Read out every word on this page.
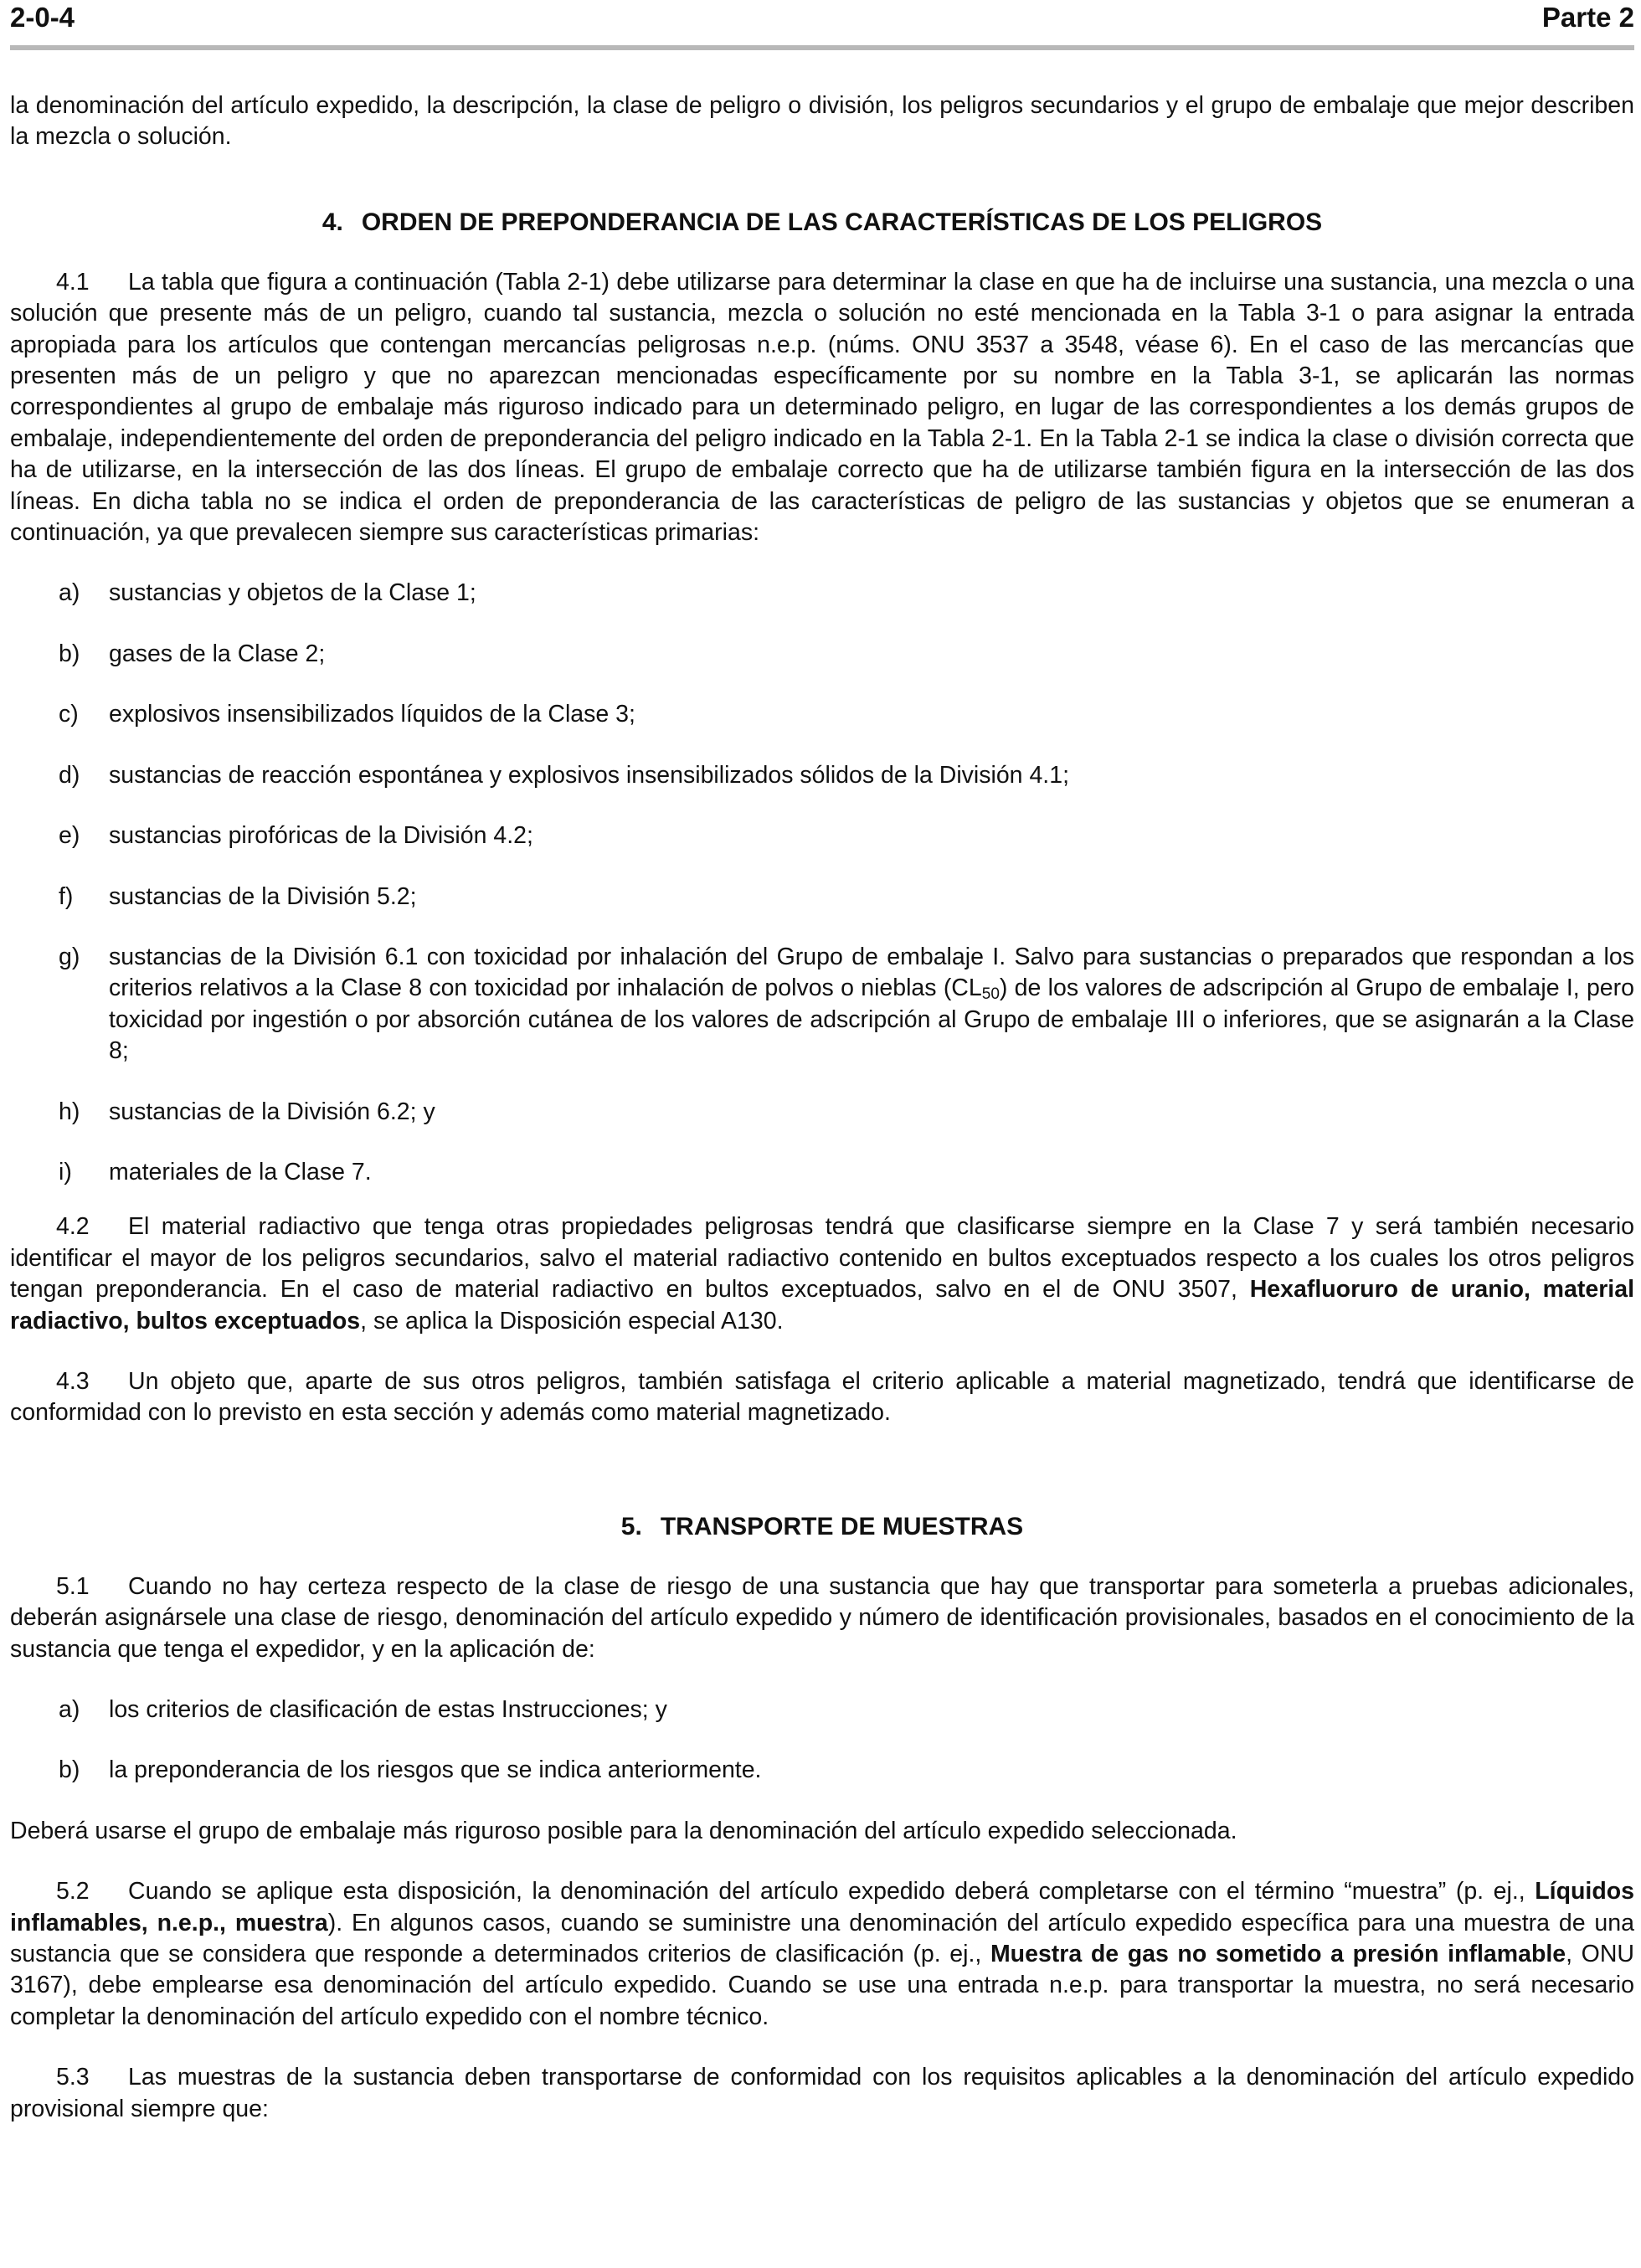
2-0-4	Parte 2

la denominación del artículo expedido, la descripción, la clase de peligro o división, los peligros secundarios y el grupo de embalaje que mejor describen la mezcla o solución.

4. ORDEN DE PREPONDERANCIA DE LAS CARACTERÍSTICAS DE LOS PELIGROS

4.1 La tabla que figura a continuación (Tabla 2-1) debe utilizarse para determinar la clase en que ha de incluirse una sustancia, una mezcla o una solución que presente más de un peligro, cuando tal sustancia, mezcla o solución no esté mencionada en la Tabla 3-1 o para asignar la entrada apropiada para los artículos que contengan mercancías peligrosas n.e.p. (núms. ONU 3537 a 3548, véase 6). En el caso de las mercancías que presenten más de un peligro y que no aparezcan mencionadas específicamente por su nombre en la Tabla 3-1, se aplicarán las normas correspondientes al grupo de embalaje más riguroso indicado para un determinado peligro, en lugar de las correspondientes a los demás grupos de embalaje, independientemente del orden de preponderancia del peligro indicado en la Tabla 2-1. En la Tabla 2-1 se indica la clase o división correcta que ha de utilizarse, en la intersección de las dos líneas. El grupo de embalaje correcto que ha de utilizarse también figura en la intersección de las dos líneas. En dicha tabla no se indica el orden de preponderancia de las características de peligro de las sustancias y objetos que se enumeran a continuación, ya que prevalecen siempre sus características primarias:

a)	sustancias y objetos de la Clase 1;
b)	gases de la Clase 2;
c)	explosivos insensibilizados líquidos de la Clase 3;
d)	sustancias de reacción espontánea y explosivos insensibilizados sólidos de la División 4.1;
e)	sustancias pirofóricas de la División 4.2;
f)	sustancias de la División 5.2;
g)	sustancias de la División 6.1 con toxicidad por inhalación del Grupo de embalaje I. Salvo para sustancias o preparados que respondan a los criterios relativos a la Clase 8 con toxicidad por inhalación de polvos o nieblas $(CL_{50})$ de los valores de adscripción al Grupo de embalaje I, pero toxicidad por ingestión o por absorción cutánea de los valores de adscripción al Grupo de embalaje III o inferiores, que se asignarán a la Clase 8;
h)	sustancias de la División 6.2; y
i)	materiales de la Clase 7.

4.2 El material radiactivo que tenga otras propiedades peligrosas tendrá que clasificarse siempre en la Clase 7 y será también necesario identificar el mayor de los peligros secundarios, salvo el material radiactivo contenido en bultos exceptuados respecto a los cuales los otros peligros tengan preponderancia. En el caso de material radiactivo en bultos exceptuados, salvo en el de ONU 3507, Hexafluoruro de uranio, material radiactivo, bultos exceptuados, se aplica la Disposición especial A130.

4.3 Un objeto que, aparte de sus otros peligros, también satisfaga el criterio aplicable a material magnetizado, tendrá que identificarse de conformidad con lo previsto en esta sección y además como material magnetizado.

5. TRANSPORTE DE MUESTRAS

5.1 Cuando no hay certeza respecto de la clase de riesgo de una sustancia que hay que transportar para someterla a pruebas adicionales, deberán asignársele una clase de riesgo, denominación del artículo expedido y número de identificación provisionales, basados en el conocimiento de la sustancia que tenga el expedidor, y en la aplicación de:

a)	los criterios de clasificación de estas Instrucciones; y
b)	la preponderancia de los riesgos que se indica anteriormente.

Deberá usarse el grupo de embalaje más riguroso posible para la denominación del artículo expedido seleccionada.

5.2 Cuando se aplique esta disposición, la denominación del artículo expedido deberá completarse con el término “muestra” (p. ej., Líquidos inflamables, n.e.p., muestra). En algunos casos, cuando se suministre una denominación del artículo expedido específica para una muestra de una sustancia que se considera que responde a determinados criterios de clasificación (p. ej., Muestra de gas no sometido a presión inflamable, ONU 3167), debe emplearse esa denominación del artículo expedido. Cuando se use una entrada n.e.p. para transportar la muestra, no será necesario completar la denominación del artículo expedido con el nombre técnico.

5.3 Las muestras de la sustancia deben transportarse de conformidad con los requisitos aplicables a la denominación del artículo expedido provisional siempre que:
